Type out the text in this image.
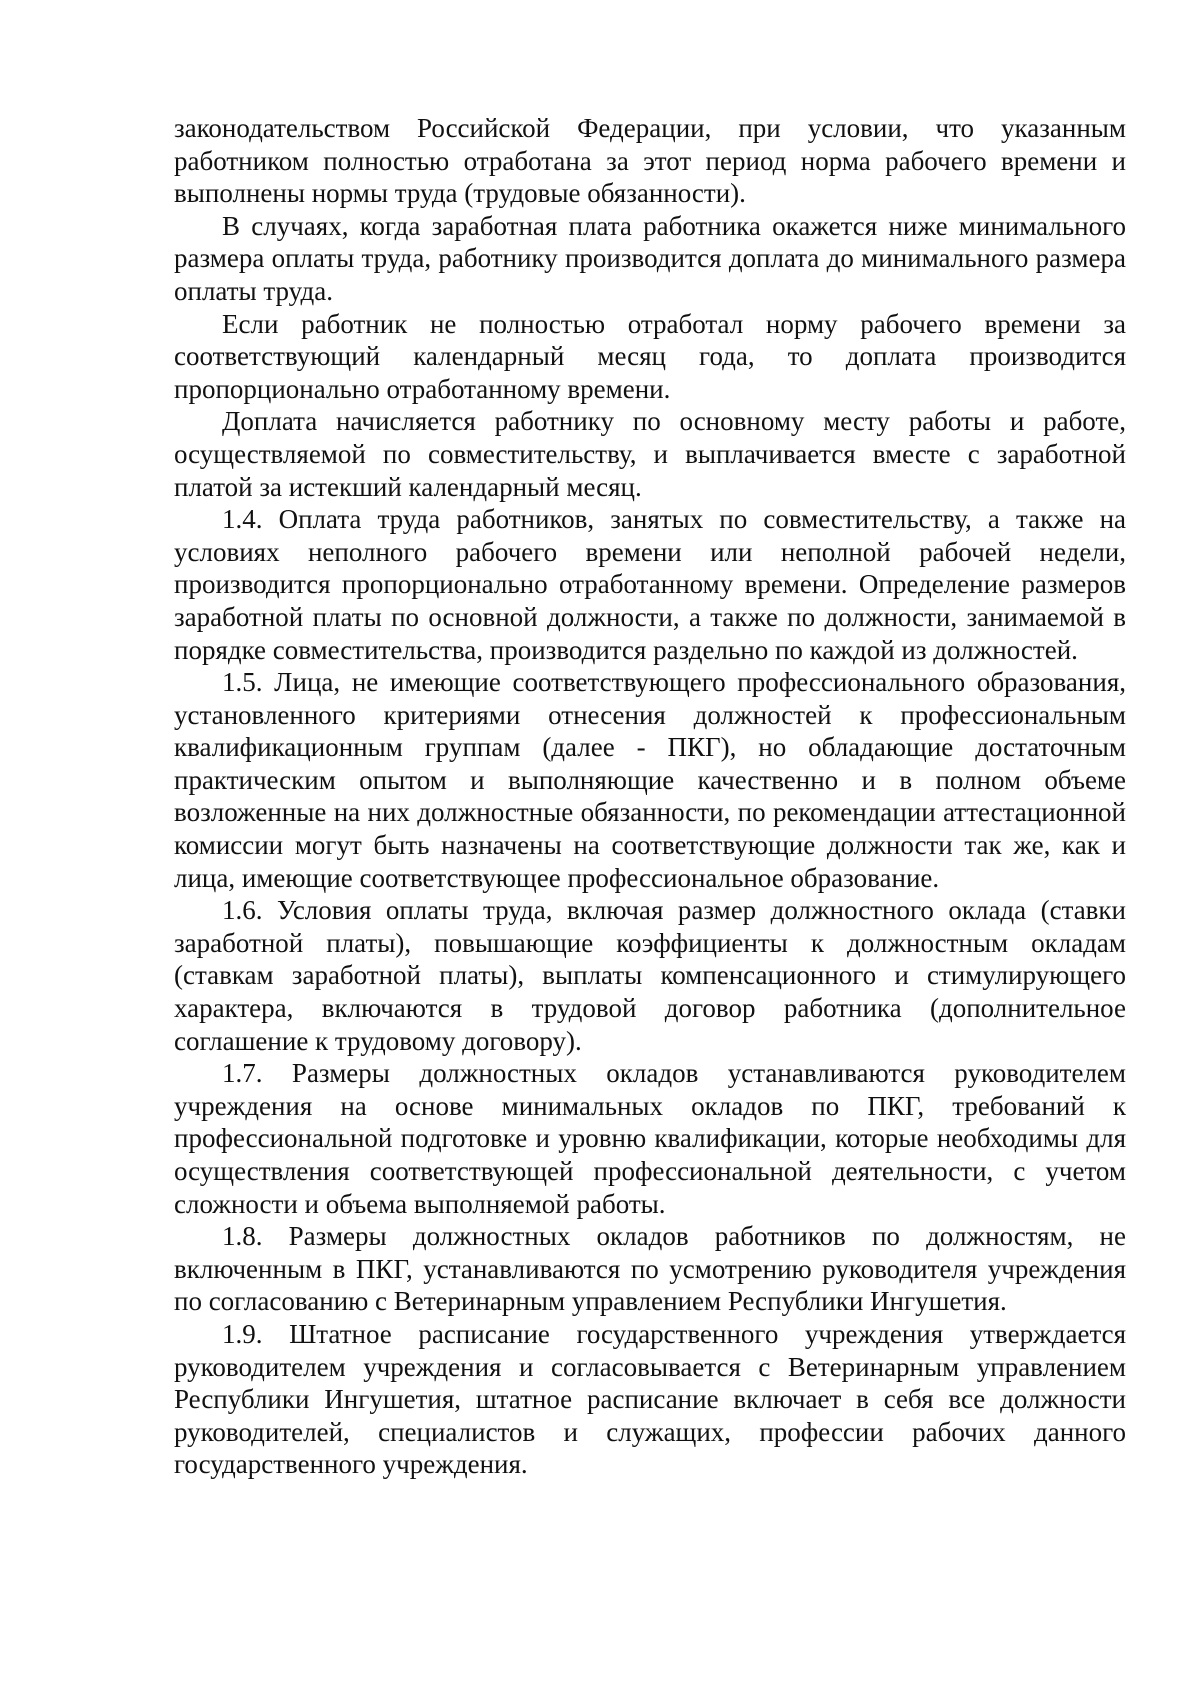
законодательством Российской Федерации, при условии, что указанным работником полностью отработана за этот период норма рабочего времени и выполнены нормы труда (трудовые обязанности).

В случаях, когда заработная плата работника окажется ниже минимального размера оплаты труда, работнику производится доплата до минимального размера оплаты труда.

Если работник не полностью отработал норму рабочего времени за соответствующий календарный месяц года, то доплата производится пропорционально отработанному времени.

Доплата начисляется работнику по основному месту работы и работе, осуществляемой по совместительству, и выплачивается вместе с заработной платой за истекший календарный месяц.

1.4. Оплата труда работников, занятых по совместительству, а также на условиях неполного рабочего времени или неполной рабочей недели, производится пропорционально отработанному времени. Определение размеров заработной платы по основной должности, а также по должности, занимаемой в порядке совместительства, производится раздельно по каждой из должностей.

1.5. Лица, не имеющие соответствующего профессионального образования, установленного критериями отнесения должностей к профессиональным квалификационным группам (далее - ПКГ), но обладающие достаточным практическим опытом и выполняющие качественно и в полном объеме возложенные на них должностные обязанности, по рекомендации аттестационной комиссии могут быть назначены на соответствующие должности так же, как и лица, имеющие соответствующее профессиональное образование.

1.6. Условия оплаты труда, включая размер должностного оклада (ставки заработной платы), повышающие коэффициенты к должностным окладам (ставкам заработной платы), выплаты компенсационного и стимулирующего характера, включаются в трудовой договор работника (дополнительное соглашение к трудовому договору).

1.7. Размеры должностных окладов устанавливаются руководителем учреждения на основе минимальных окладов по ПКГ, требований к профессиональной подготовке и уровню квалификации, которые необходимы для осуществления соответствующей профессиональной деятельности, с учетом сложности и объема выполняемой работы.

1.8. Размеры должностных окладов работников по должностям, не включенным в ПКГ, устанавливаются по усмотрению руководителя учреждения по согласованию с Ветеринарным управлением Республики Ингушетия.

1.9. Штатное расписание государственного учреждения утверждается руководителем учреждения и согласовывается с Ветеринарным управлением Республики Ингушетия, штатное расписание включает в себя все должности руководителей, специалистов и служащих, профессии рабочих данного государственного учреждения.
